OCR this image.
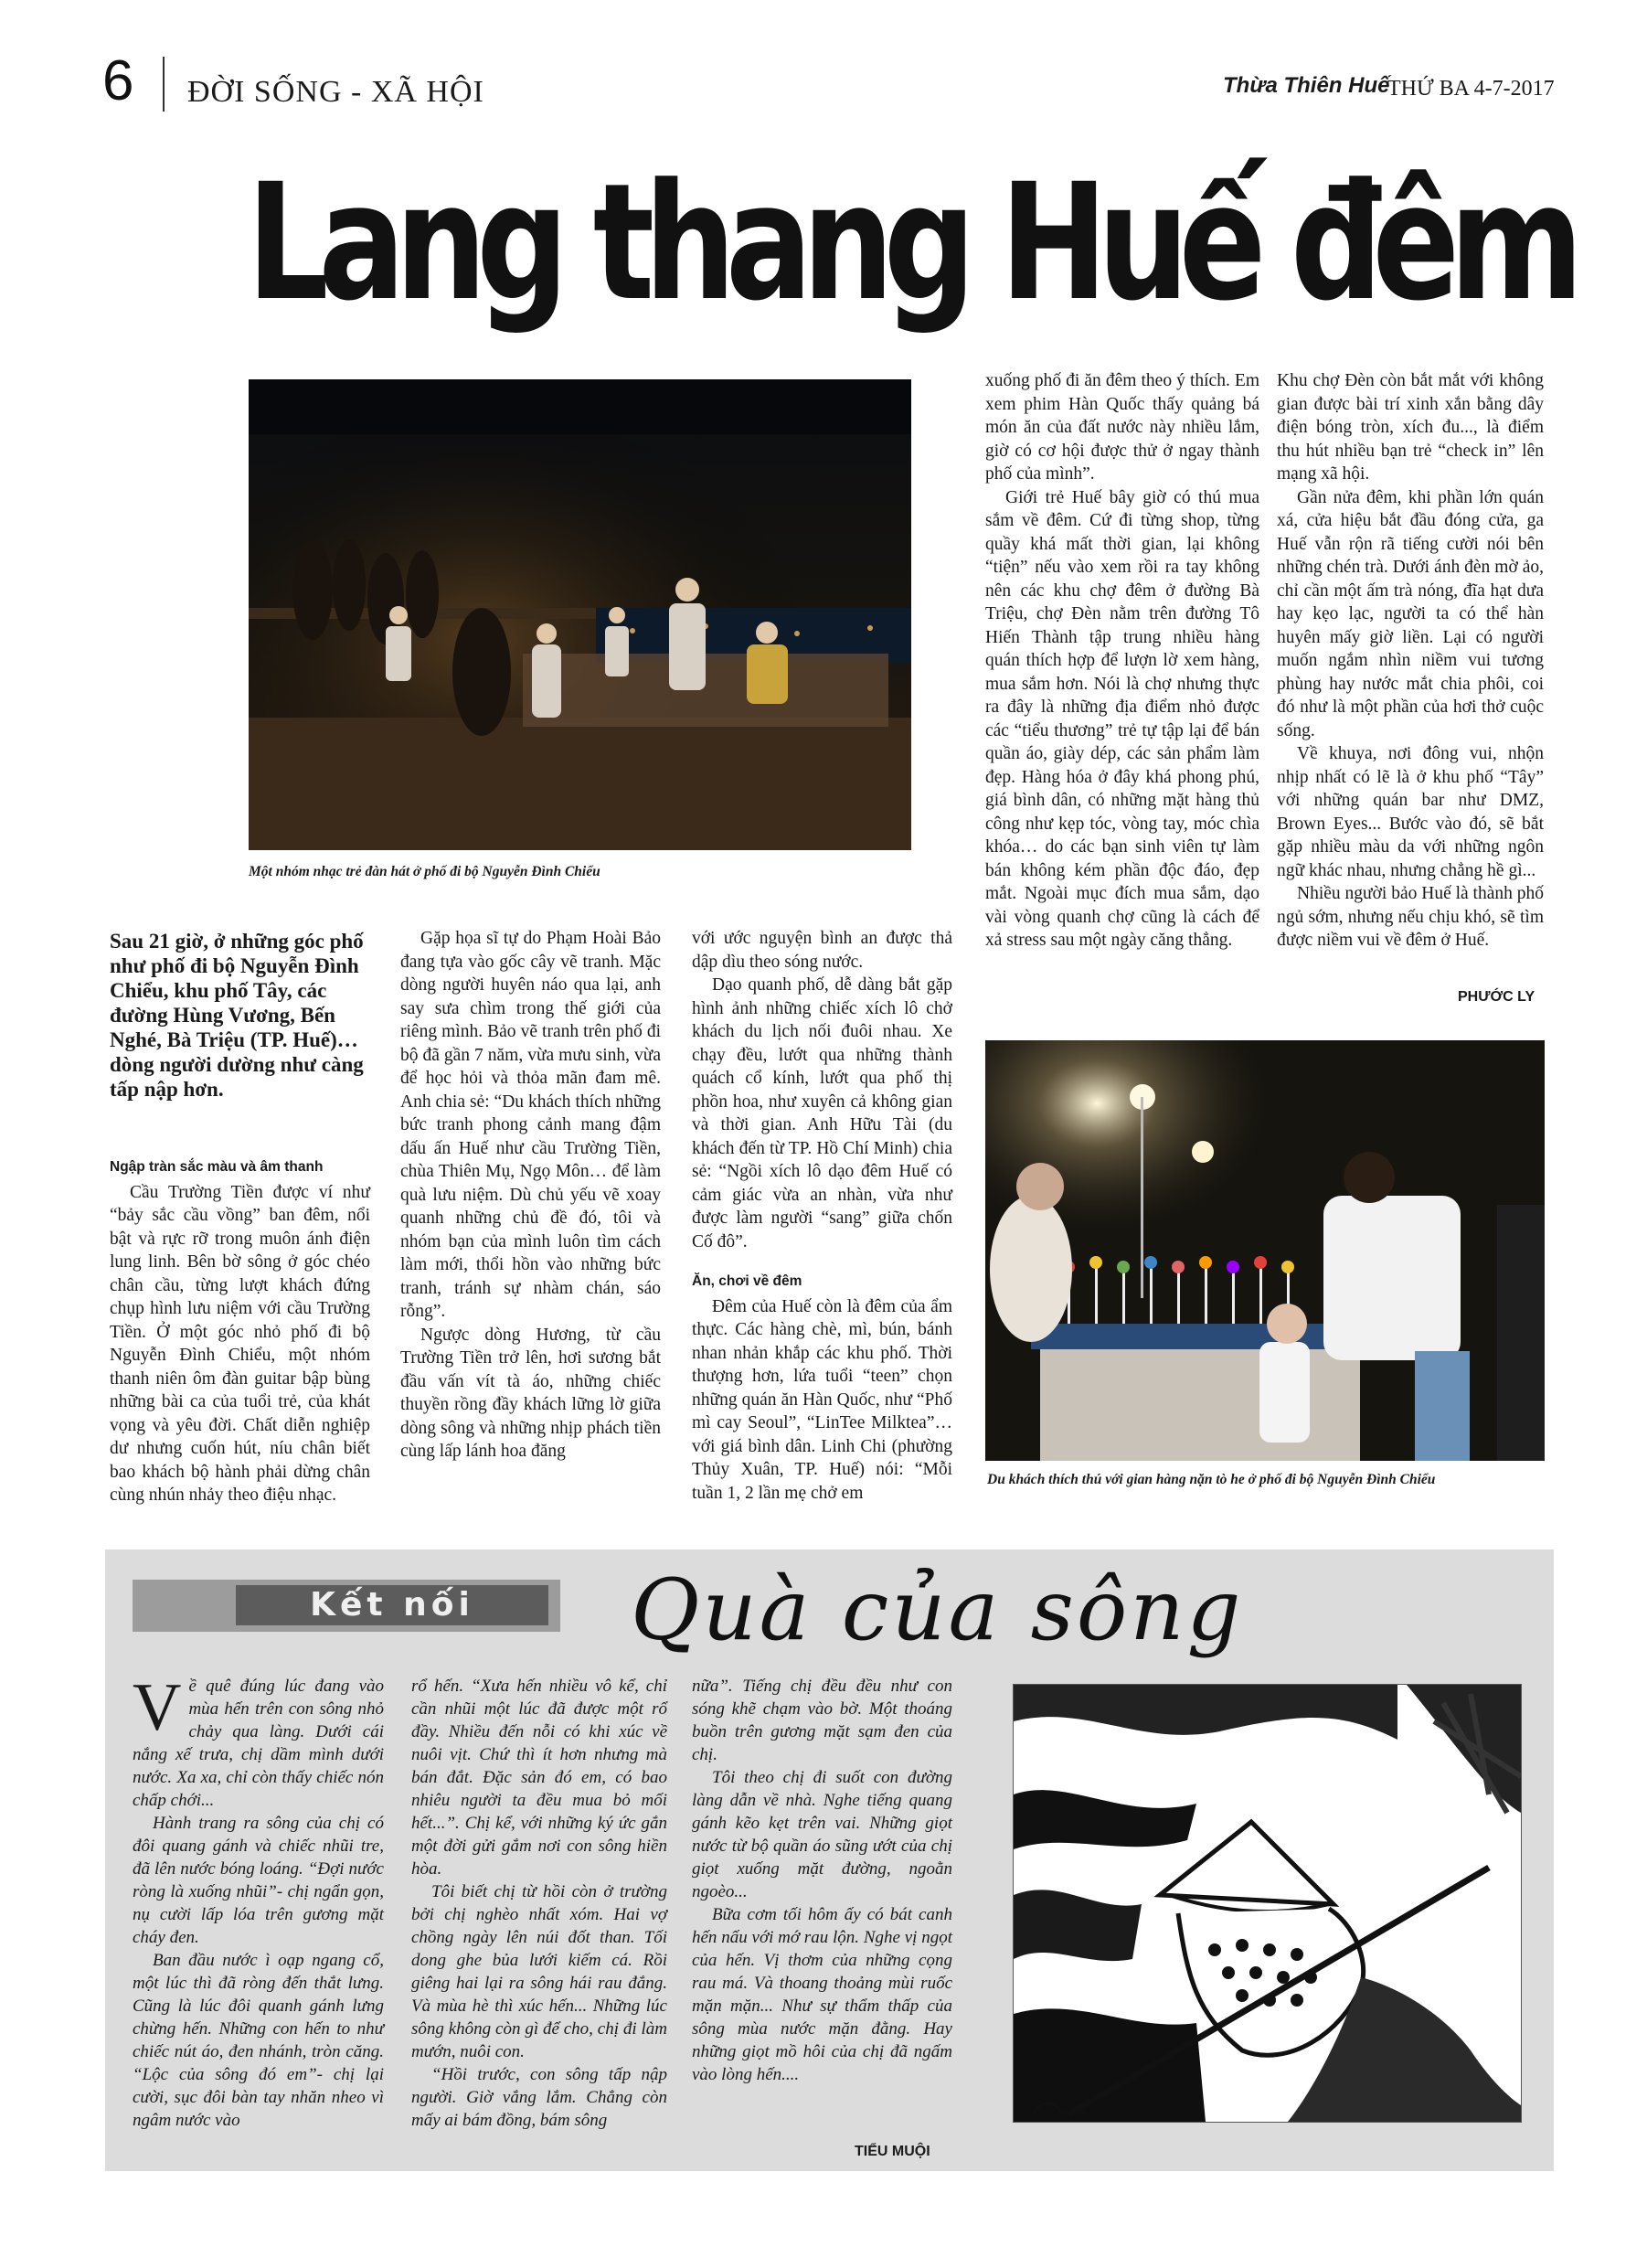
6 ĐỜI SỐNG - XÃ HỘI	Thừa Thiên Huế
THỨ BA 4-7-2017
Lang thang Huế đêm
Một nhóm nhạc trẻ đàn hát ở phố đi bộ Nguyễn Đình Chiểu
Sau 21 giờ, ở những góc phố như phố đi bộ Nguyễn Đình Chiểu, khu phố Tây, các đường Hùng Vương, Bến Nghé, Bà Triệu (TP. Huế)… dòng người dường như càng tấp nập hơn.
Ngập tràn sắc màu và âm thanh

Cầu Trường Tiền được ví như “bảy sắc cầu vồng” ban đêm, nổi bật và rực rỡ trong muôn ánh điện lung linh. Bên bờ sông ở góc chéo chân cầu, từng lượt khách đứng chụp hình lưu niệm với cầu Trường Tiền. Ở một góc nhỏ phố đi bộ Nguyễn Đình Chiểu, một nhóm thanh niên ôm đàn guitar bập bùng những bài ca của tuổi trẻ, của khát vọng và yêu đời. Chất diễn nghiệp dư nhưng cuốn hút, níu chân biết bao khách bộ hành phải dừng chân cùng nhún nhảy theo điệu nhạc.

Gặp họa sĩ tự do Phạm Hoài Bảo đang tựa vào gốc cây vẽ tranh. Mặc dòng người huyên náo qua lại, anh say sưa chìm trong thế giới của riêng mình. Bảo vẽ tranh trên phố đi bộ đã gần 7 năm, vừa mưu sinh, vừa để học hỏi và thỏa mãn đam mê. Anh chia sẻ: “Du khách thích những bức tranh phong cảnh mang đậm dấu ấn Huế như cầu Trường Tiền, chùa Thiên Mụ, Ngọ Môn… để làm quà lưu niệm. Dù chủ yếu vẽ xoay quanh những chủ đề đó, tôi và nhóm bạn của mình luôn tìm cách làm mới, thổi hồn vào những bức tranh, tránh sự nhàm chán, sáo rỗng”.

Ngược dòng Hương, từ cầu Trường Tiền trở lên, hơi sương bắt đầu vấn vít tà áo, những chiếc thuyền rồng đầy khách lững lờ giữa dòng sông và những nhịp phách tiền cùng lấp lánh hoa đăng

với ước nguyện bình an được thả dập dìu theo sóng nước.

Dạo quanh phố, dễ dàng bắt gặp hình ảnh những chiếc xích lô chở khách du lịch nối đuôi nhau. Xe chạy đều, lướt qua những thành quách cổ kính, lướt qua phố thị phồn hoa, như xuyên cả không gian và thời gian. Anh Hữu Tài (du khách đến từ TP. Hồ Chí Minh) chia sẻ: “Ngồi xích lô dạo đêm Huế có cảm giác vừa an nhàn, vừa như được làm người “sang” giữa chốn Cố đô”.

Ăn, chơi về đêm

Đêm của Huế còn là đêm của ẩm thực. Các hàng chè, mì, bún, bánh nhan nhản khắp các khu phố. Thời thượng hơn, lứa tuổi “teen” chọn những quán ăn Hàn Quốc, như “Phố mì cay Seoul”, “LinTee Milktea”… với giá bình dân. Linh Chi (phường Thủy Xuân, TP. Huế) nói: “Mỗi tuần 1, 2 lần mẹ chở em

xuống phố đi ăn đêm theo ý thích. Em xem phim Hàn Quốc thấy quảng bá món ăn của đất nước này nhiều lắm, giờ có cơ hội được thử ở ngay thành phố của mình”.

Giới trẻ Huế bây giờ có thú mua sắm về đêm. Cứ đi từng shop, từng quầy khá mất thời gian, lại không “tiện” nếu vào xem rồi ra tay không nên các khu chợ đêm ở đường Bà Triệu, chợ Đèn nằm trên đường Tô Hiến Thành tập trung nhiều hàng quán thích hợp để lượn lờ xem hàng, mua sắm hơn. Nói là chợ nhưng thực ra đây là những địa điểm nhỏ được các “tiểu thương” trẻ tự tập lại để bán quần áo, giày dép, các sản phẩm làm đẹp. Hàng hóa ở đây khá phong phú, giá bình dân, có những mặt hàng thủ công như kẹp tóc, vòng tay, móc chìa khóa… do các bạn sinh viên tự làm bán không kém phần độc đáo, đẹp mắt. Ngoài mục đích mua sắm, dạo vài vòng quanh chợ cũng là cách để xả stress sau một ngày căng thẳng.

Khu chợ Đèn còn bắt mắt với không gian được bài trí xinh xắn bằng dây điện bóng tròn, xích đu..., là điểm thu hút nhiều bạn trẻ “check in” lên mạng xã hội.

Gần nửa đêm, khi phần lớn quán xá, cửa hiệu bắt đầu đóng cửa, ga Huế vẫn rộn rã tiếng cười nói bên những chén trà. Dưới ánh đèn mờ ảo, chỉ cần một ấm trà nóng, đĩa hạt dưa hay kẹo lạc, người ta có thể hàn huyên mấy giờ liền. Lại có người muốn ngắm nhìn niềm vui tương phùng hay nước mắt chia phôi, coi đó như là một phần của hơi thở cuộc sống.

Về khuya, nơi đông vui, nhộn nhịp nhất có lẽ là ở khu phố “Tây” với những quán bar như DMZ, Brown Eyes... Bước vào đó, sẽ bắt gặp nhiều màu da với những ngôn ngữ khác nhau, nhưng chẳng hề gì...

Nhiều người bảo Huế là thành phố ngủ sớm, nhưng nếu chịu khó, sẽ tìm được niềm vui về đêm ở Huế.

PHƯỚC LY
Du khách thích thú với gian hàng nặn tò he ở phố đi bộ Nguyễn Đình Chiểu
Kết nối	Quà của sông
V ề quê đúng lúc đang vào mùa hến trên con sông nhỏ chảy qua làng. Dưới cái nắng xế trưa, chị dầm mình dưới nước. Xa xa, chỉ còn thấy chiếc nón chấp chới...

Hành trang ra sông của chị có đôi quang gánh và chiếc nhũi tre, đã lên nước bóng loáng. “Đợi nước ròng là xuống nhũi”- chị ngẩn gọn, nụ cười lấp lóa trên gương mặt cháy đen.

Ban đầu nước ì oạp ngang cổ, một lúc thì đã ròng đến thắt lưng. Cũng là lúc đôi quanh gánh lưng chừng hến. Những con hến to như chiếc nút áo, đen nhánh, tròn căng. “Lộc của sông đó em”- chị lại cười, sục đôi bàn tay nhăn nheo vì ngâm nước vào

rổ hến. “Xưa hến nhiều vô kể, chỉ cần nhũi một lúc đã được một rổ đầy. Nhiều đến nỗi có khi xúc về nuôi vịt. Chứ thì ít hơn nhưng mà bán đắt. Đặc sản đó em, có bao nhiêu người ta đều mua bỏ mối hết...”. Chị kể, với những ký ức gắn một đời gửi gắm nơi con sông hiền hòa.

Tôi biết chị từ hồi còn ở trường bởi chị nghèo nhất xóm. Hai vợ chồng ngày lên núi đốt than. Tối dong ghe bủa lưới kiếm cá. Rồi giêng hai lại ra sông hái rau đắng. Và mùa hè thì xúc hến... Những lúc sông không còn gì để cho, chị đi làm mướn, nuôi con.

“Hồi trước, con sông tấp nập người. Giờ vắng lắm. Chẳng còn mấy ai bám đồng, bám sông

nữa”. Tiếng chị đều đều như con sóng khẽ chạm vào bờ. Một thoáng buồn trên gương mặt sạm đen của chị.

Tôi theo chị đi suốt con đường làng dẫn về nhà. Nghe tiếng quang gánh kẽo kẹt trên vai. Những giọt nước từ bộ quần áo sũng ướt của chị giọt xuống mặt đường, ngoằn ngoèo...

Bữa cơm tối hôm ấy có bát canh hến nấu với mớ rau lộn. Nghe vị ngọt của hến. Vị thơm của những cọng rau má. Và thoang thoảng mùi ruốc mặn mặn... Như sự thẩm thấp của sông mùa nước mặn đằng. Hay những giọt mồ hôi của chị đã ngấm vào lòng hến....

TIỂU MUỘI
